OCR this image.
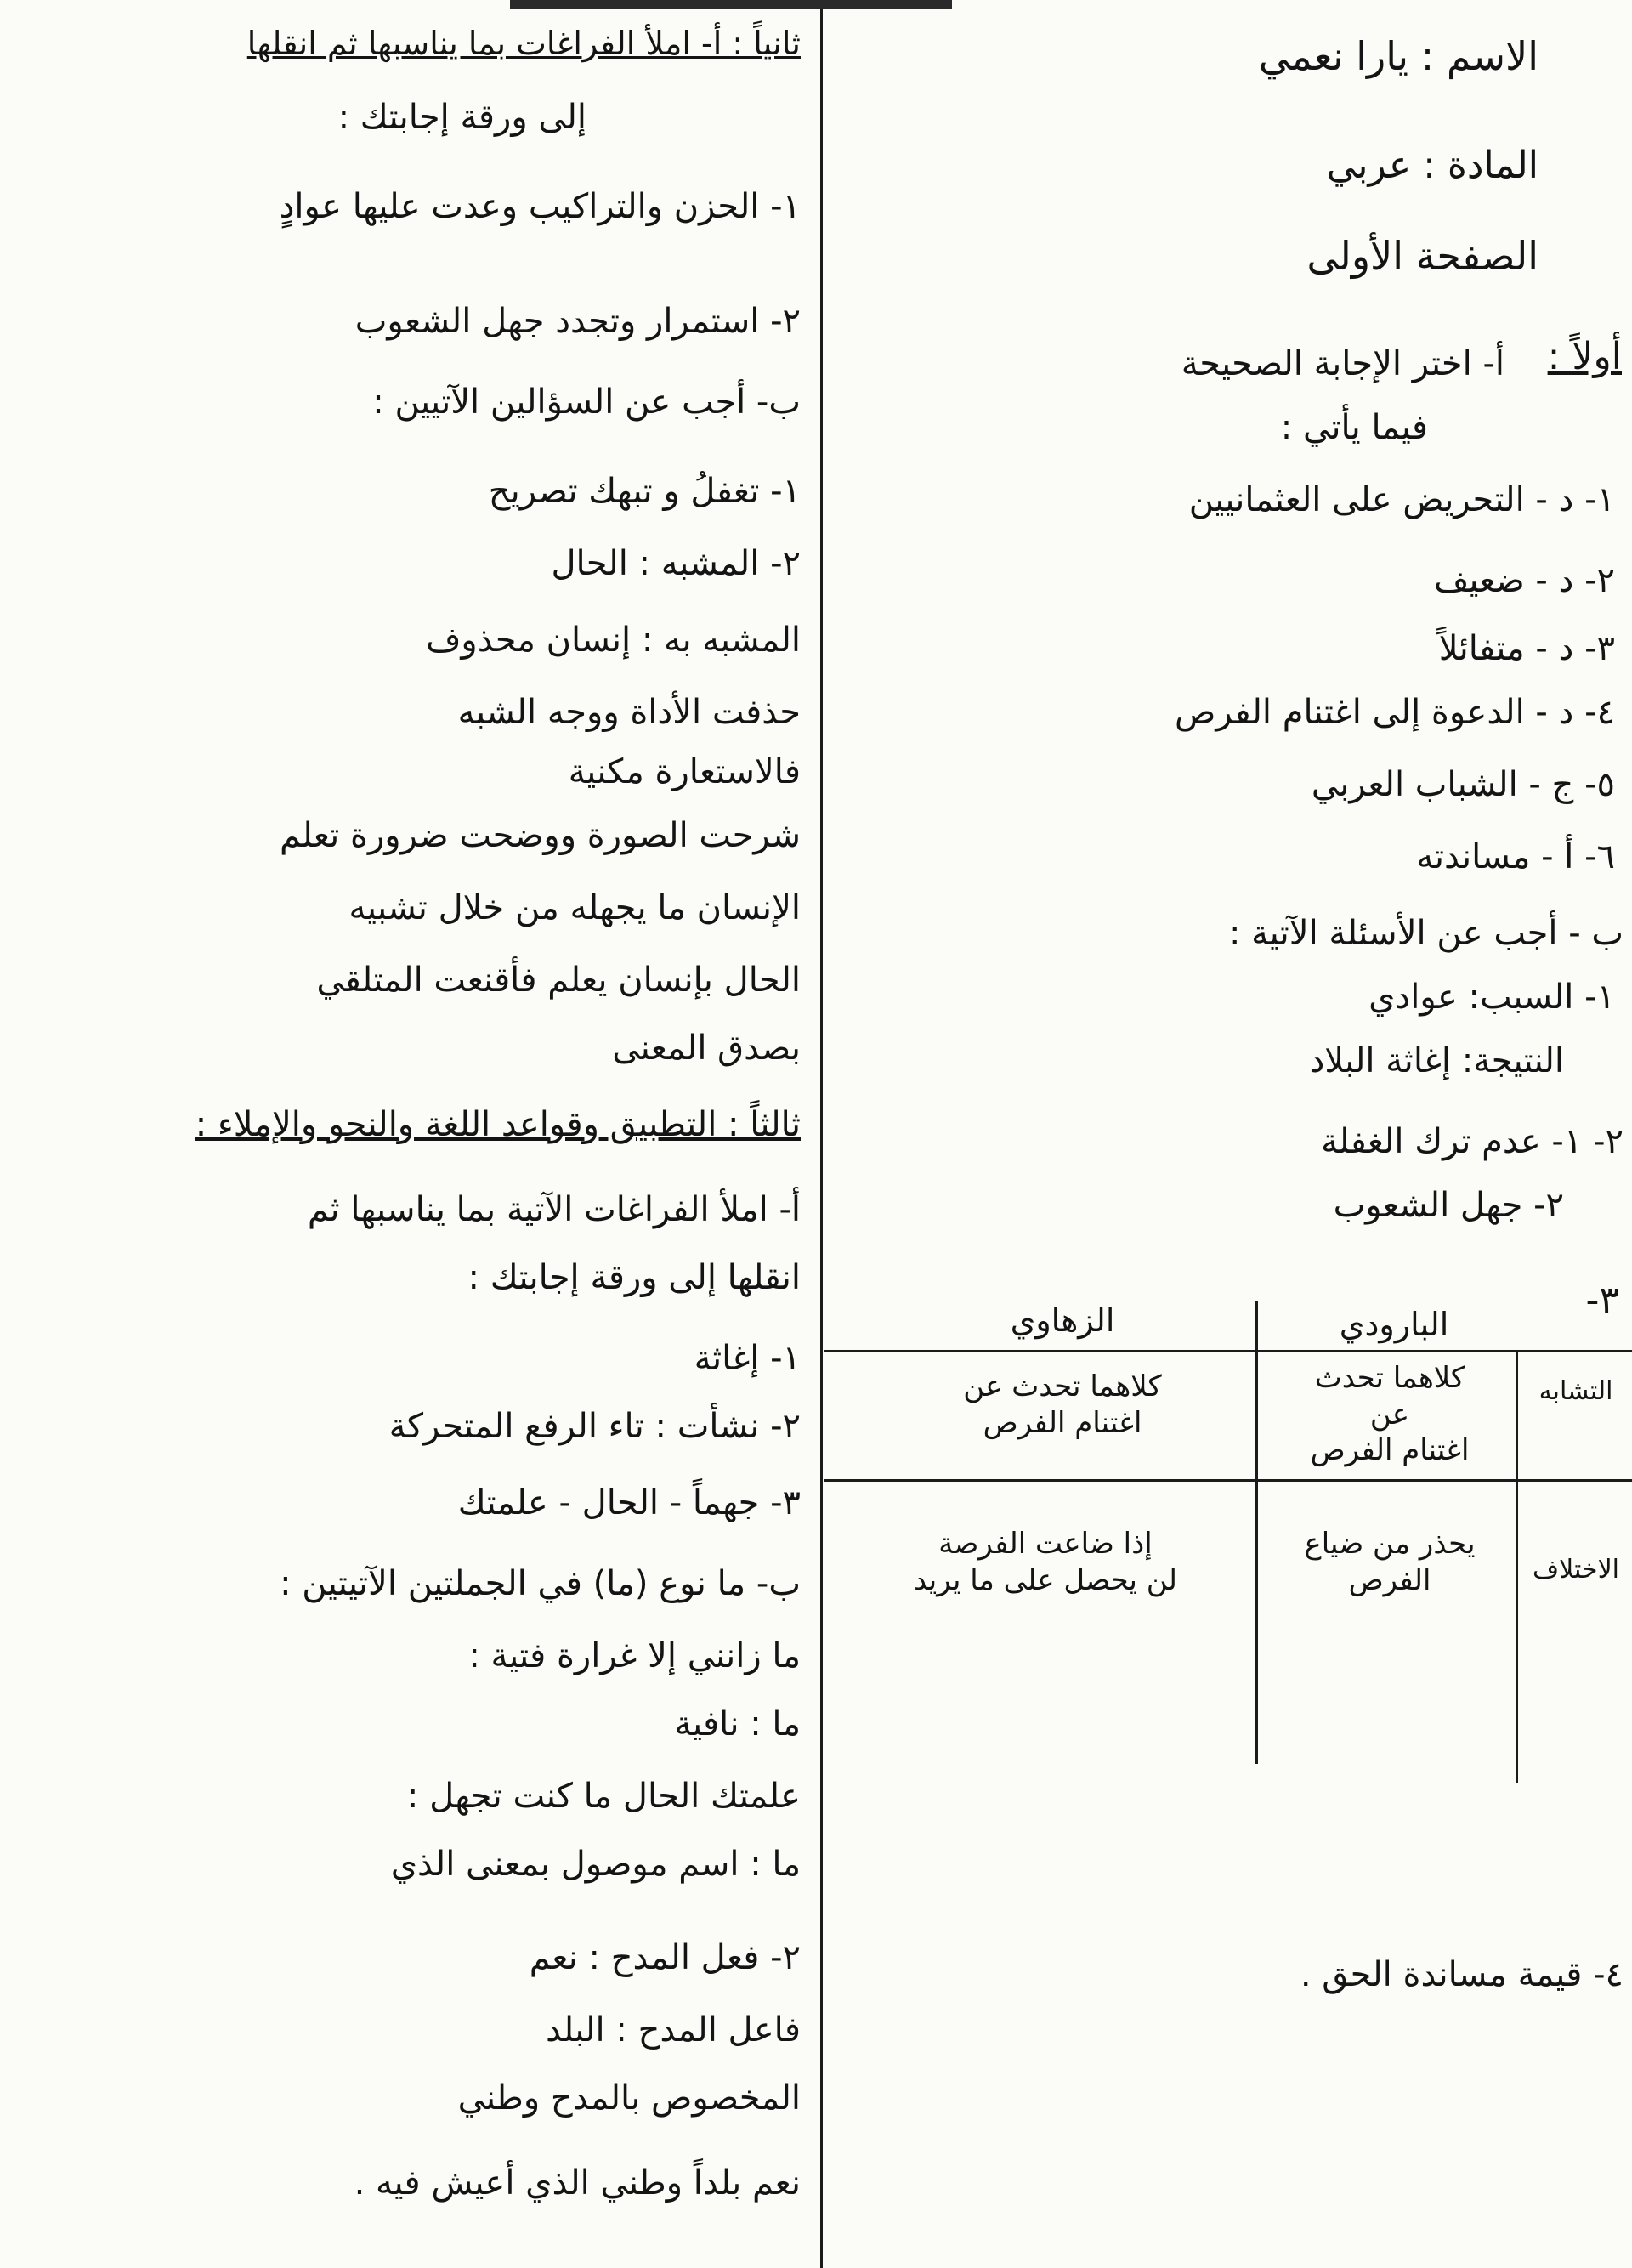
الاسم : يارا نعمي
المادة : عربي
الصفحة الأولى
أولاً :
أ- اختر الإجابة الصحيحة
فيما يأتي :
١- د - التحريض على العثمانيين
٢- د - ضعيف
٣- د - متفائلاً
٤- د - الدعوة إلى اغتنام الفرص
٥- ج - الشباب العربي
٦- أ - مساندته
ب - أجب عن الأسئلة الآتية :
١- السبب: عوادي
النتيجة: إغاثة البلاد
٢- ١- عدم ترك الغفلة
٢- جهل الشعوب
٣-
البارودي
الزهاوي
التشابه
كلاهما تحدث
عن
اغتنام الفرص
كلاهما تحدث عن
اغتنام الفرص
الاختلاف
يحذر من ضياع
الفرص
إذا ضاعت الفرصة
لن يحصل على ما يريد
ثانياً : أ- املأ الفراغات بما يناسبها ثم انقلها
إلى ورقة إجابتك :
١- الحزن والتراكيب وعدت عليها عوادٍ
٢- استمرار وتجدد جهل الشعوب
ب- أجب عن السؤالين الآتيين :
١- تغفلُ و تبهك تصريح
٢- المشبه : الحال
المشبه به : إنسان محذوف
حذفت الأداة ووجه الشبه
فالاستعارة مكنية
شرحت الصورة ووضحت ضرورة تعلم
الإنسان ما يجهله من خلال تشبيه
الحال بإنسان يعلم فأقنعت المتلقي
بصدق المعنى
ثالثاً : التطبيق وقواعد اللغة والنحو والإملاء :
أ- املأ الفراغات الآتية بما يناسبها ثم
انقلها إلى ورقة إجابتك :
١- إغاثة
٢- نشأت : تاء الرفع المتحركة
٣- جهماً - الحال - علمتك
ب- ما نوع (ما) في الجملتين الآتيتين :
ما زانني إلا غرارة فتية :
ما : نافية
علمتك الحال ما كنت تجهل :
ما : اسم موصول بمعنى الذي
٢- فعل المدح : نعم
فاعل المدح : البلد
المخصوص بالمدح وطني
نعم بلداً وطني الذي أعيش فيه .
٤- قيمة مساندة الحق .
